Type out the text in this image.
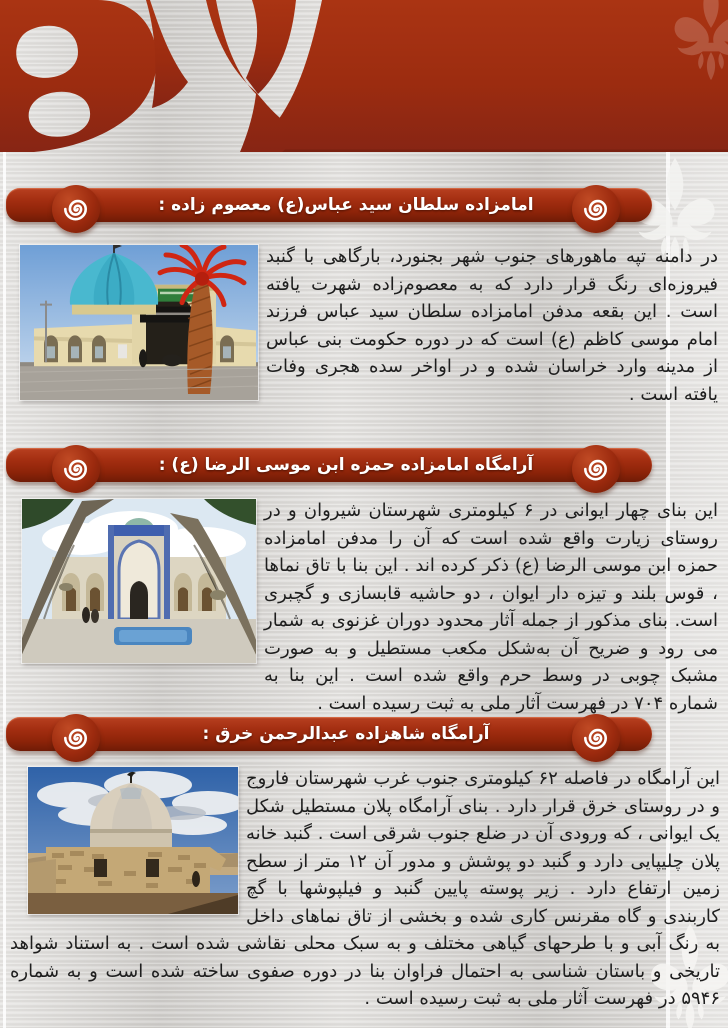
امامزاده سلطان سید عباس(ع) معصوم زاده :
در دامنه تپه ماهورهای جنوب شهر بجنورد، بارگاهی با گنبد فیروزه‌ای رنگ قرار دارد که به معصوم‌زاده شهرت یافته است . این بقعه مدفن امامزاده سلطان سید عباس فرزند امام موسی کاظم (ع) است که در دوره حکومت بنی عباس از مدینه وارد خراسان شده و در اواخر سده هجری وفات یافته است .
آرامگاه امامزاده حمزه ابن موسی الرضا (ع) :
این بنای چهار ایوانی در ۶ کیلومتری شهرستان شیروان و در روستای زیارت واقع شده است که آن را مدفن امامزاده حمزه ابن موسی الرضا (ع) ذکر کرده اند . این بنا با تاق نماها ، قوس بلند و تیزه دار ایوان ، دو حاشیه قابسازی و گچبری است. بنای مذکور از جمله آثار محدود دوران غزنوی به شمار می رود و ضریح آن به‌شکل مکعب مستطیل و به صورت مشبک چوبی در وسط حرم واقع شده است . این بنا به شماره ۷۰۴ در فهرست آثار ملی به ثبت رسیده است .
آرامگاه شاهزاده عبدالرحمن خرق :
این آرامگاه در فاصله ۶۲ کیلومتری جنوب غرب شهرستان فاروج و در روستای خرق قرار دارد . بنای آرامگاه پلان مستطیل شکل یک ایوانی ، که ورودی آن در ضلع جنوب شرقی است . گنبد خانه پلان چلیپایی دارد و گنبد دو پوشش و مدور آن ۱۲ متر از سطح زمین ارتفاع دارد . زیر پوسته پایین گنبد و فیلپوشها با گچ کاربندی و گاه مقرنس کاری شده و بخشی از تاق نماهای داخل به رنگ آبی و با طرحهای گیاهی مختلف و به سبک محلی نقاشی شده است . به استناد شواهد تاریخی و باستان شناسی به احتمال فراوان بنا در دوره صفوی ساخته شده است و به شماره ۵۹۴۶ در فهرست آثار ملی به ثبت رسیده است .
